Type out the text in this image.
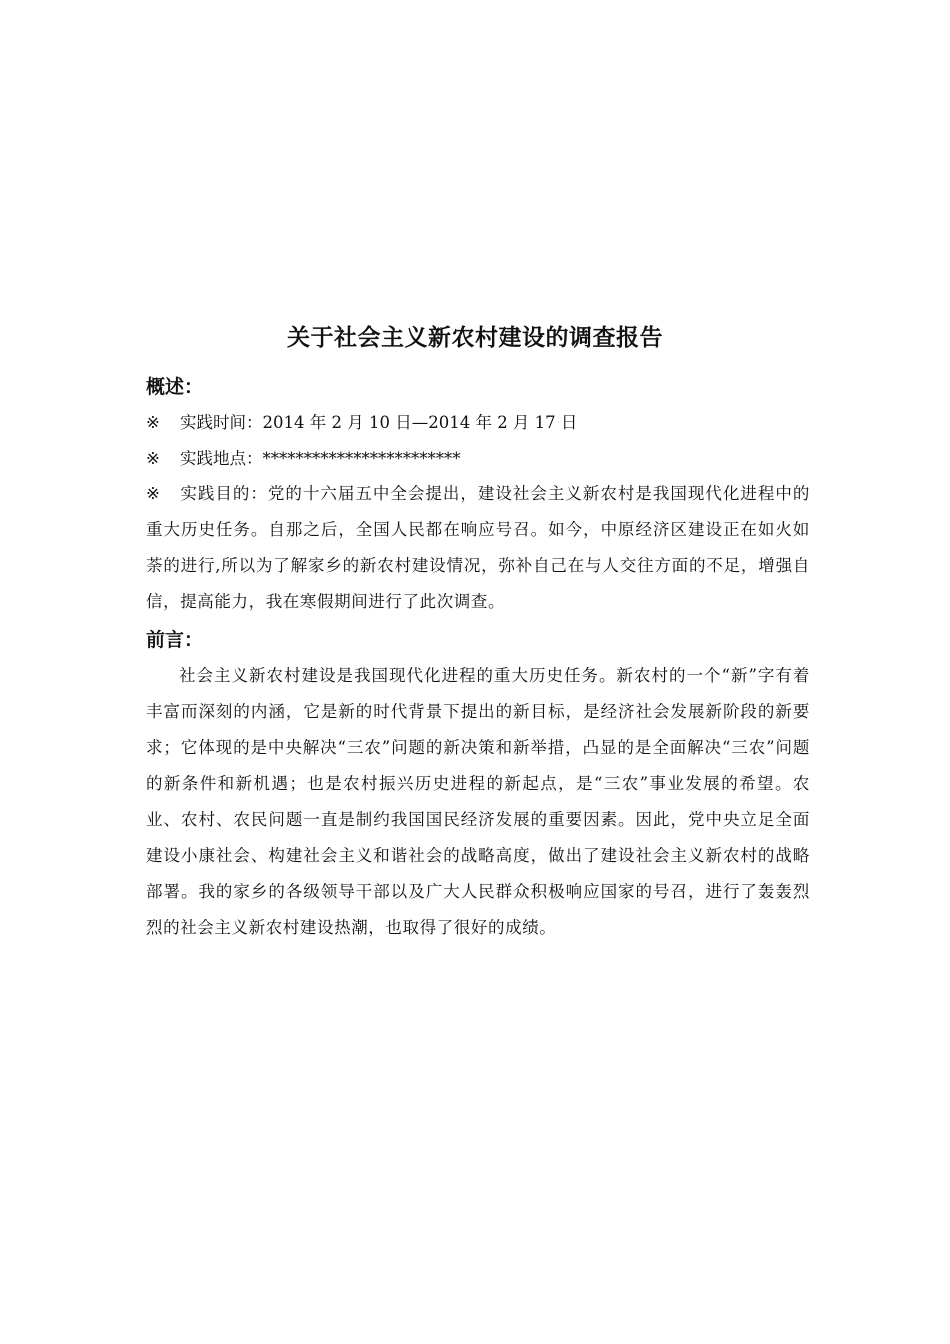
关于社会主义新农村建设的调查报告
概述：
※ 实践时间：2014 年 2 月 10 日—2014 年 2 月 17 日
※ 实践地点：************************
※ 实践目的：党的十六届五中全会提出，建设社会主义新农村是我国现代化进程中的重大历史任务。自那之后，全国人民都在响应号召。如今，中原经济区建设正在如火如荼的进行,所以为了解家乡的新农村建设情况，弥补自己在与人交往方面的不足，增强自信，提高能力，我在寒假期间进行了此次调查。
前言：
社会主义新农村建设是我国现代化进程的重大历史任务。新农村的一个“新”字有着丰富而深刻的内涵，它是新的时代背景下提出的新目标，是经济社会发展新阶段的新要求；它体现的是中央解决“三农”问题的新决策和新举措，凸显的是全面解决“三农”问题的新条件和新机遇；也是农村振兴历史进程的新起点，是“三农”事业发展的希望。农业、农村、农民问题一直是制约我国国民经济发展的重要因素。因此，党中央立足全面建设小康社会、构建社会主义和谐社会的战略高度，做出了建设社会主义新农村的战略部署。我的家乡的各级领导干部以及广大人民群众积极响应国家的号召，进行了轰轰烈烈的社会主义新农村建设热潮，也取得了很好的成绩。
